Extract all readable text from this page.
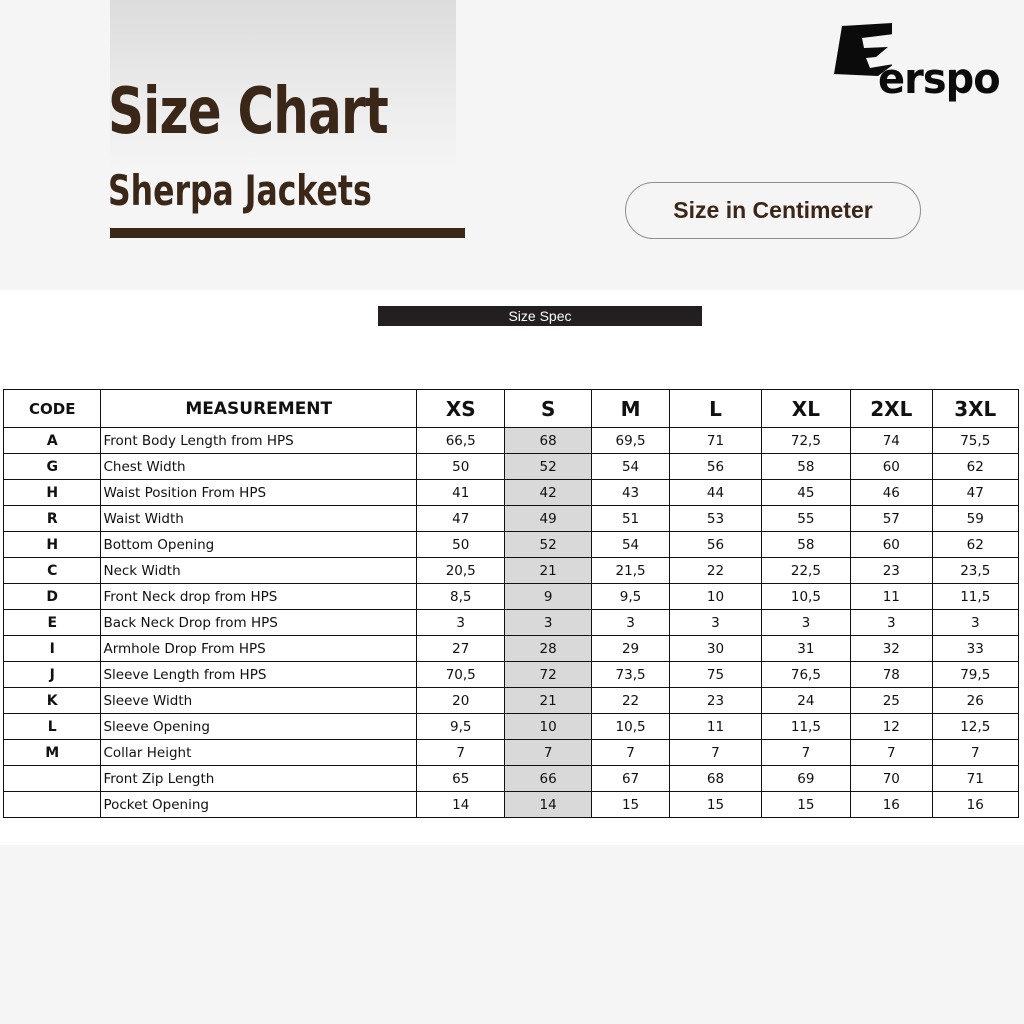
Size Chart
Sherpa Jackets	Size in Centimeter
erspo
Size Spec
CODE	MEASUREMENT	XS	S	M	L	XL	2XL	3XL
A	Front Body Length from HPS	66,5	68	69,5	71	72,5	74	75,5
G	Chest Width	50	52	54	56	58	60	62
H	Waist Position From HPS	41	42	43	44	45	46	47
R	Waist Width	47	49	51	53	55	57	59
H	Bottom Opening	50	52	54	56	58	60	62
C	Neck Width	20,5	21	21,5	22	22,5	23	23,5
D	Front Neck drop from HPS	8,5	9	9,5	10	10,5	11	11,5
E	Back Neck Drop from HPS	3	3	3	3	3	3	3
I	Armhole Drop From HPS	27	28	29	30	31	32	33
J	Sleeve Length from HPS	70,5	72	73,5	75	76,5	78	79,5
K	Sleeve Width	20	21	22	23	24	25	26
L	Sleeve Opening	9,5	10	10,5	11	11,5	12	12,5
M	Collar Height	7	7	7	7	7	7	7
	Front Zip Length	65	66	67	68	69	70	71
	Pocket Opening	14	14	15	15	15	16	16
